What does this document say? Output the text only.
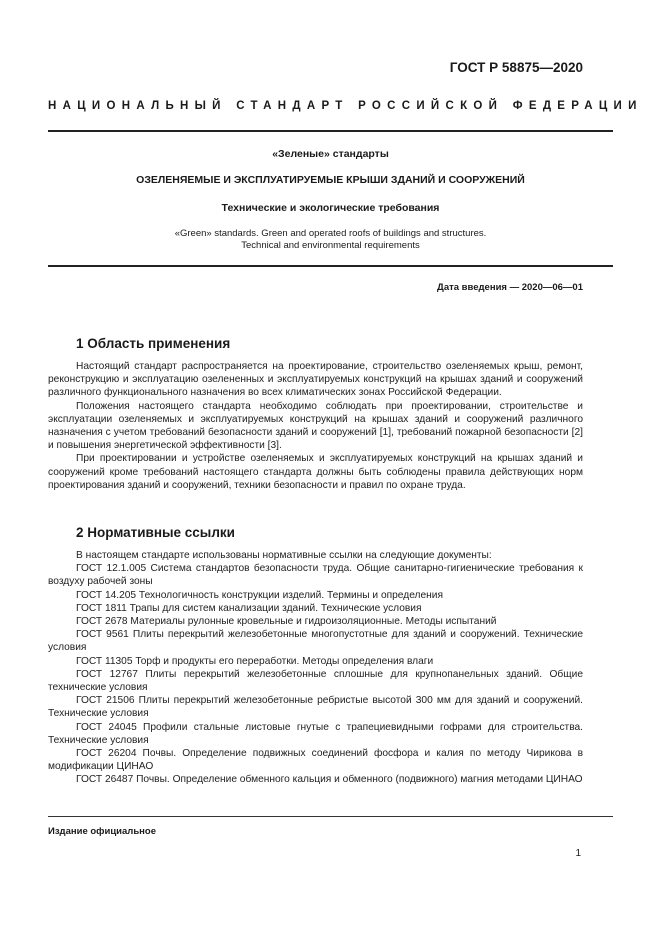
ГОСТ Р 58875—2020
НАЦИОНАЛЬНЫЙ СТАНДАРТ РОССИЙСКОЙ ФЕДЕРАЦИИ
«Зеленые» стандарты
ОЗЕЛЕНЯЕМЫЕ И ЭКСПЛУАТИРУЕМЫЕ КРЫШИ ЗДАНИЙ И СООРУЖЕНИЙ
Технические и экологические требования
«Green» standards. Green and operated roofs of buildings and structures.
Technical and environmental requirements
Дата введения — 2020—06—01
1 Область применения

Настоящий стандарт распространяется на проектирование, строительство озеленяемых крыш, ремонт, реконструкцию и эксплуатацию озелененных и эксплуатируемых конструкций на крышах зданий и сооружений различного функционального назначения во всех климатических зонах Российской Федерации.

Положения настоящего стандарта необходимо соблюдать при проектировании, строительстве и эксплуатации озеленяемых и эксплуатируемых конструкций на крышах зданий и сооружений различного назначения с учетом требований безопасности зданий и сооружений [1], требований пожарной безопасности [2] и повышения энергетической эффективности [3].

При проектировании и устройстве озеленяемых и эксплуатируемых конструкций на крышах зданий и сооружений кроме требований настоящего стандарта должны быть соблюдены правила действующих норм проектирования зданий и сооружений, техники безопасности и правил по охране труда.

2 Нормативные ссылки

В настоящем стандарте использованы нормативные ссылки на следующие документы:

ГОСТ 12.1.005 Система стандартов безопасности труда. Общие санитарно-гигиенические требования к воздуху рабочей зоны

ГОСТ 14.205 Технологичность конструкции изделий. Термины и определения

ГОСТ 1811 Трапы для систем канализации зданий. Технические условия

ГОСТ 2678 Материалы рулонные кровельные и гидроизоляционные. Методы испытаний

ГОСТ 9561 Плиты перекрытий железобетонные многопустотные для зданий и сооружений. Технические условия

ГОСТ 11305 Торф и продукты его переработки. Методы определения влаги

ГОСТ 12767 Плиты перекрытий железобетонные сплошные для крупнопанельных зданий. Общие технические условия

ГОСТ 21506 Плиты перекрытий железобетонные ребристые высотой 300 мм для зданий и сооружений. Технические условия

ГОСТ 24045 Профили стальные листовые гнутые с трапециевидными гофрами для строительства. Технические условия

ГОСТ 26204 Почвы. Определение подвижных соединений фосфора и калия по методу Чирикова в модификации ЦИНАО

ГОСТ 26487 Почвы. Определение обменного кальция и обменного (подвижного) магния методами ЦИНАО

Издание официальное
1
